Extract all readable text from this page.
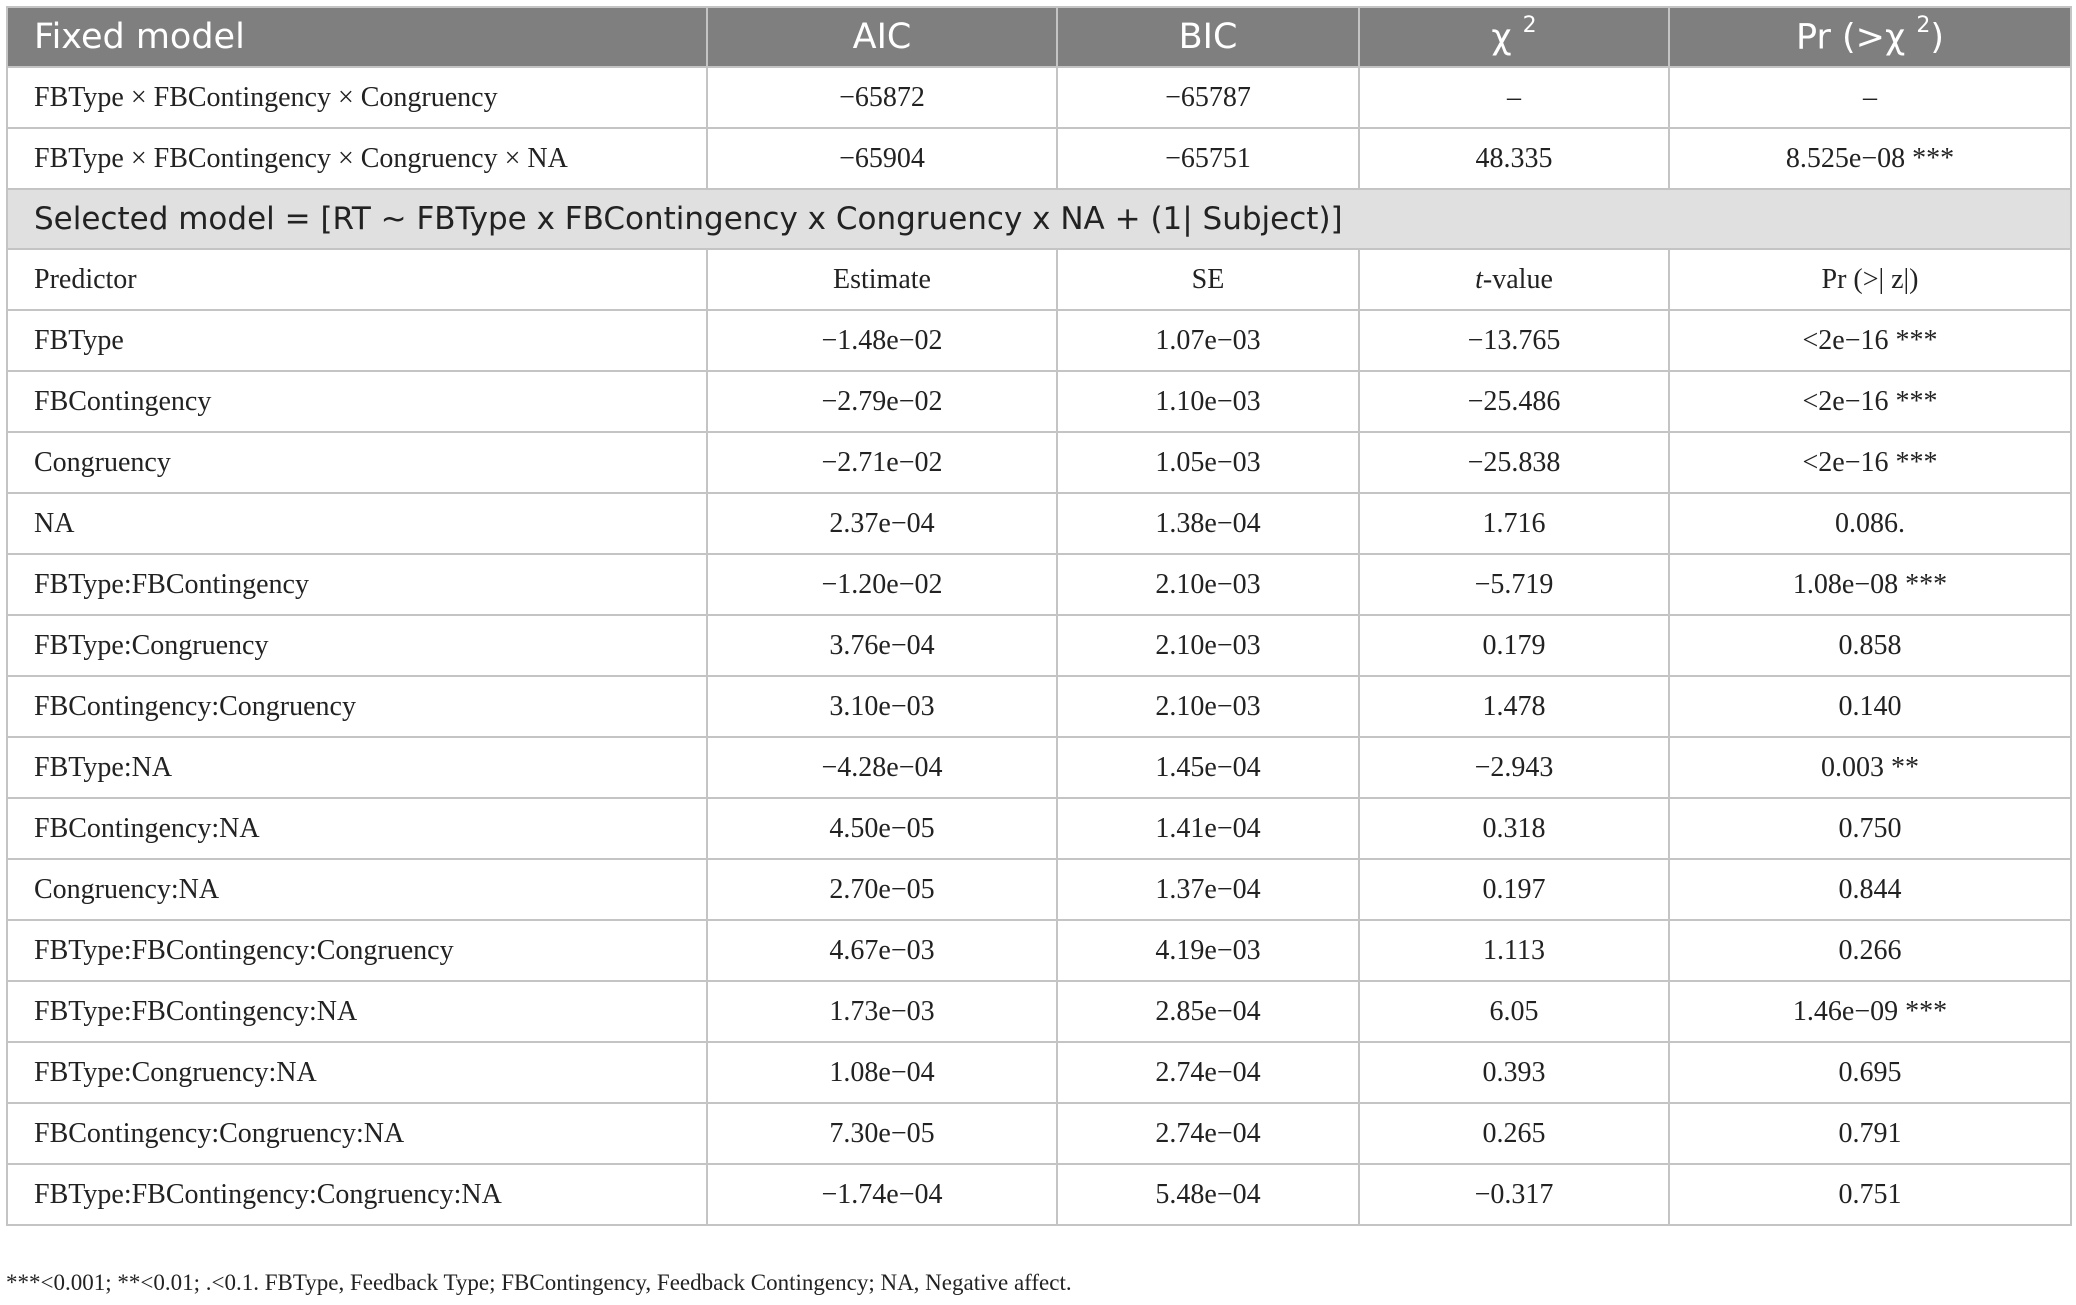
Fixed model	AIC	BIC	χ $^2$	Pr (>χ $^2$)
FBType × FBContingency × Congruency	−65872	−65787	–	–
FBType × FBContingency × Congruency × NA	−65904	−65751	48.335	8.525e−08 ***
Selected model = [RT ∼ FBType x FBContingency x Congruency x NA + (1| Subject)]				
Predictor	Estimate	SE	t-value	Pr (>| z|)
FBType	−1.48e−02	1.07e−03	−13.765	<2e−16 ***
FBContingency	−2.79e−02	1.10e−03	−25.486	<2e−16 ***
Congruency	−2.71e−02	1.05e−03	−25.838	<2e−16 ***
NA	2.37e−04	1.38e−04	1.716	0.086.
FBType:FBContingency	−1.20e−02	2.10e−03	−5.719	1.08e−08 ***
FBType:Congruency	3.76e−04	2.10e−03	0.179	0.858
FBContingency:Congruency	3.10e−03	2.10e−03	1.478	0.140
FBType:NA	−4.28e−04	1.45e−04	−2.943	0.003 **
FBContingency:NA	4.50e−05	1.41e−04	0.318	0.750
Congruency:NA	2.70e−05	1.37e−04	0.197	0.844
FBType:FBContingency:Congruency	4.67e−03	4.19e−03	1.113	0.266
FBType:FBContingency:NA	1.73e−03	2.85e−04	6.05	1.46e−09 ***
FBType:Congruency:NA	1.08e−04	2.74e−04	0.393	0.695
FBContingency:Congruency:NA	7.30e−05	2.74e−04	0.265	0.791
FBType:FBContingency:Congruency:NA	−1.74e−04	5.48e−04	−0.317	0.751
***<0.001; **<0.01; .<0.1. FBType, Feedback Type; FBContingency, Feedback Contingency; NA, Negative affect.
